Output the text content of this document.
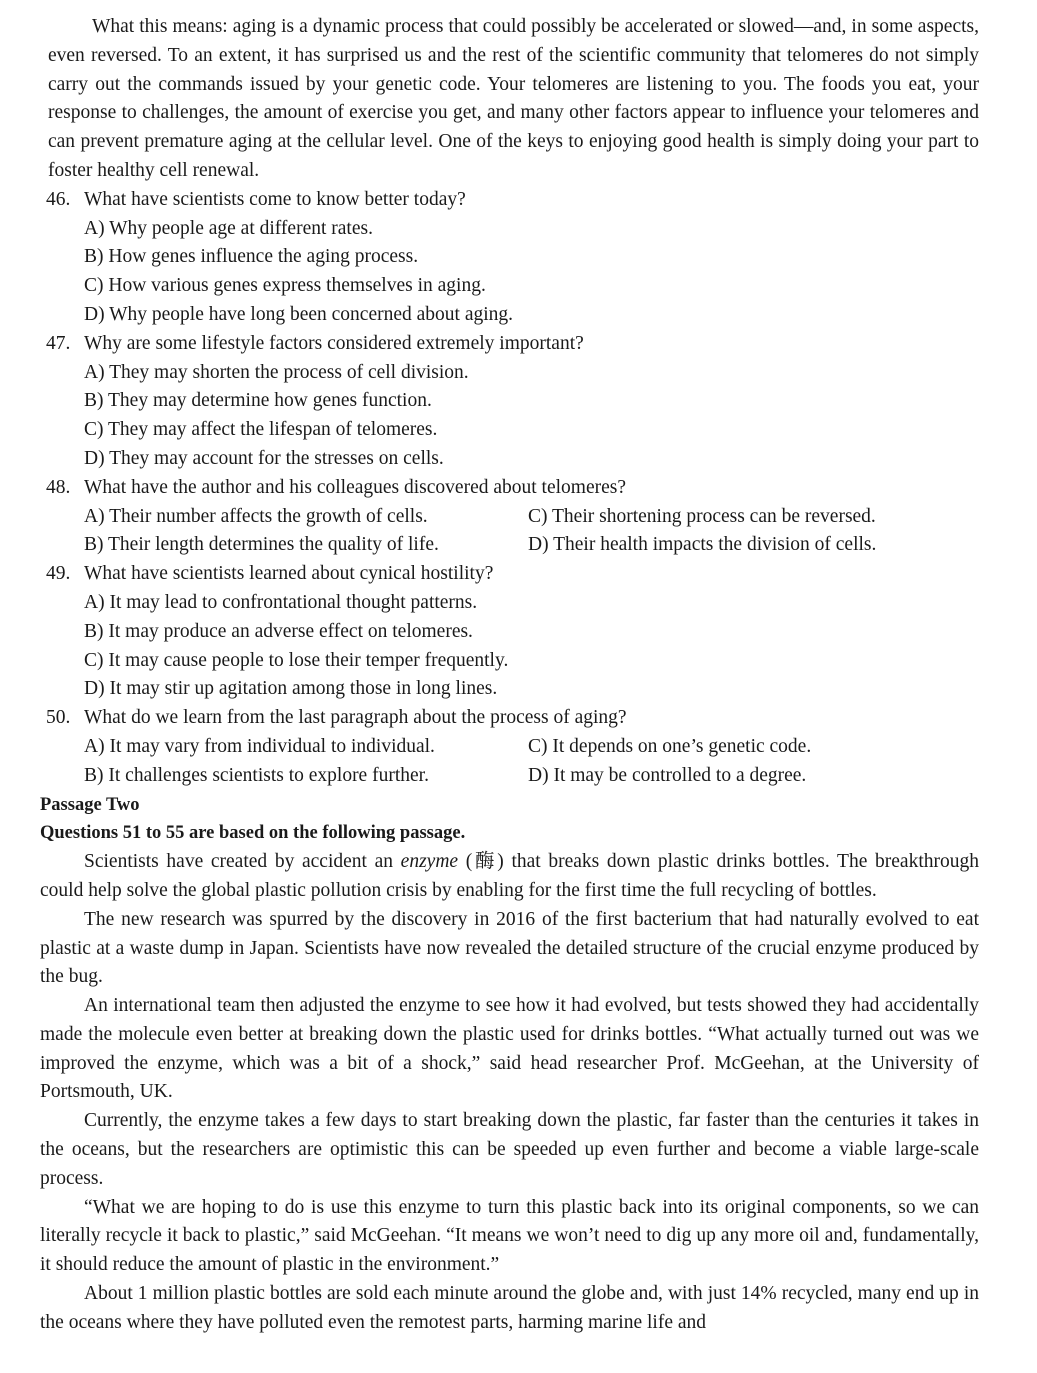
What this means: aging is a dynamic process that could possibly be accelerated or slowed—and, in some aspects, even reversed. To an extent, it has surprised us and the rest of the scientific community that telomeres do not simply carry out the commands issued by your genetic code. Your telomeres are listening to you. The foods you eat, your response to challenges, the amount of exercise you get, and many other factors appear to influence your telomeres and can prevent premature aging at the cellular level. One of the keys to enjoying good health is simply doing your part to foster healthy cell renewal.

46. What have scientists come to know better today?

A) Why people age at different rates.

B) How genes influence the aging process.

C) How various genes express themselves in aging.

D) Why people have long been concerned about aging.

47. Why are some lifestyle factors considered extremely important?

A) They may shorten the process of cell division.

B) They may determine how genes function.

C) They may affect the lifespan of telomeres.

D) They may account for the stresses on cells.

48. What have the author and his colleagues discovered about telomeres?

A) Their number affects the growth of cells.	C) Their shortening process can be reversed.
B) Their length determines the quality of life.	D) Their health impacts the division of cells.

49. What have scientists learned about cynical hostility?

A) It may lead to confrontational thought patterns.

B) It may produce an adverse effect on telomeres.

C) It may cause people to lose their temper frequently.

D) It may stir up agitation among those in long lines.

50. What do we learn from the last paragraph about the process of aging?

A) It may vary from individual to individual.	C) It depends on one’s genetic code.
B) It challenges scientists to explore further.	D) It may be controlled to a degree.

Passage Two

Questions 51 to 55 are based on the following passage.

Scientists have created by accident an enzyme (酶) that breaks down plastic drinks bottles. The breakthrough could help solve the global plastic pollution crisis by enabling for the first time the full recycling of bottles.

The new research was spurred by the discovery in 2016 of the first bacterium that had naturally evolved to eat plastic at a waste dump in Japan. Scientists have now revealed the detailed structure of the crucial enzyme produced by the bug.

An international team then adjusted the enzyme to see how it had evolved, but tests showed they had accidentally made the molecule even better at breaking down the plastic used for drinks bottles. “What actually turned out was we improved the enzyme, which was a bit of a shock,” said head researcher Prof. McGeehan, at the University of Portsmouth, UK.

Currently, the enzyme takes a few days to start breaking down the plastic, far faster than the centuries it takes in the oceans, but the researchers are optimistic this can be speeded up even further and become a viable large-scale process.

“What we are hoping to do is use this enzyme to turn this plastic back into its original components, so we can literally recycle it back to plastic,” said McGeehan. “It means we won’t need to dig up any more oil and, fundamentally, it should reduce the amount of plastic in the environment.”

About 1 million plastic bottles are sold each minute around the globe and, with just 14% recycled, many end up in the oceans where they have polluted even the remotest parts, harming marine life and
